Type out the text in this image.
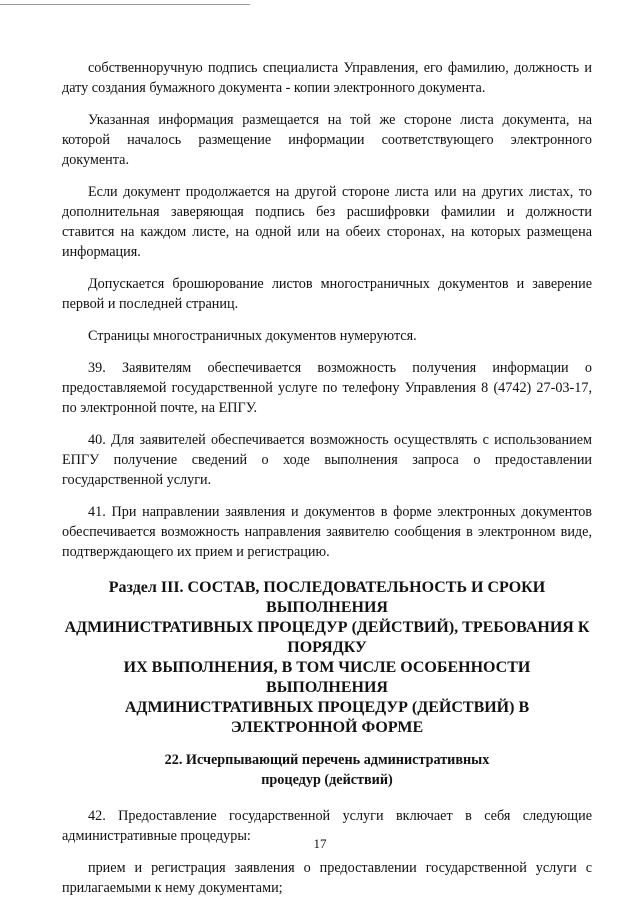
собственноручную подпись специалиста Управления, его фамилию, должность и дату создания бумажного документа - копии электронного документа.

Указанная информация размещается на той же стороне листа документа, на которой началось размещение информации соответствующего электронного документа.

Если документ продолжается на другой стороне листа или на других листах, то дополнительная заверяющая подпись без расшифровки фамилии и должности ставится на каждом листе, на одной или на обеих сторонах, на которых размещена информация.

Допускается брошюрование листов многостраничных документов и заверение первой и последней страниц.

Страницы многостраничных документов нумеруются.

39. Заявителям обеспечивается возможность получения информации о предоставляемой государственной услуге по телефону Управления 8 (4742) 27-03-17, по электронной почте, на ЕПГУ.

40. Для заявителей обеспечивается возможность осуществлять с использованием ЕПГУ получение сведений о ходе выполнения запроса о предоставлении государственной услуги.

41. При направлении заявления и документов в форме электронных документов обеспечивается возможность направления заявителю сообщения в электронном виде, подтверждающего их прием и регистрацию.

Раздел III. СОСТАВ, ПОСЛЕДОВАТЕЛЬНОСТЬ И СРОКИ
ВЫПОЛНЕНИЯ
АДМИНИСТРАТИВНЫХ ПРОЦЕДУР (ДЕЙСТВИЙ), ТРЕБОВАНИЯ К
ПОРЯДКУ
ИХ ВЫПОЛНЕНИЯ, В ТОМ ЧИСЛЕ ОСОБЕННОСТИ ВЫПОЛНЕНИЯ
АДМИНИСТРАТИВНЫХ ПРОЦЕДУР (ДЕЙСТВИЙ) В
ЭЛЕКТРОННОЙ ФОРМЕ
22. Исчерпывающий перечень административных
процедур (действий)

42. Предоставление государственной услуги включает в себя следующие административные процедуры:

прием и регистрация заявления о предоставлении государственной услуги с прилагаемыми к нему документами;

17
